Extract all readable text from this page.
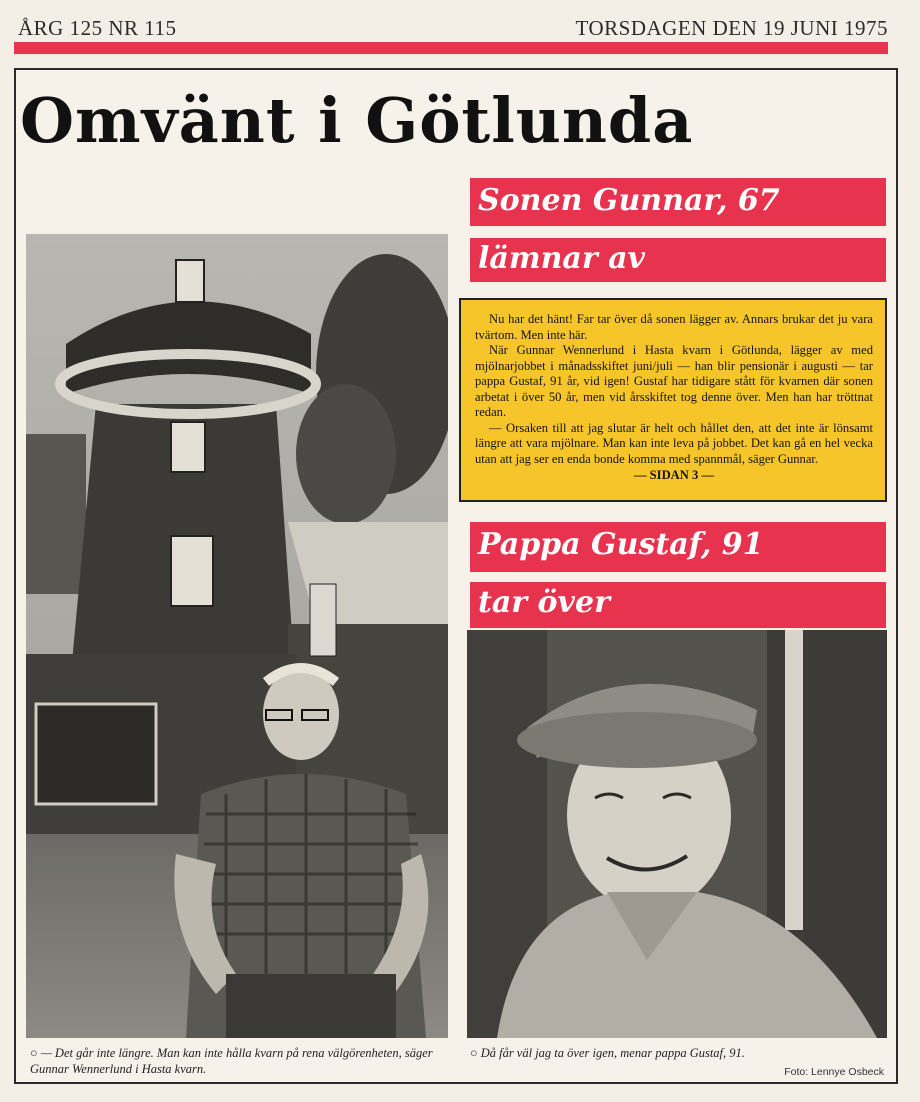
ÅRG 125 NR 115	TORSDAGEN DEN 19 JUNI 1975
Omvänt i Götlunda
Sonen Gunnar, 67
lämnar av

Nu har det hänt! Far tar över då sonen lägger av. Annars brukar det ju vara tvärtom. Men inte här.

När Gunnar Wennerlund i Hasta kvarn i Götlunda, lägger av med mjölnarjobbet i månadsskiftet juni/juli — han blir pensionär i augusti — tar pappa Gustaf, 91 år, vid igen! Gustaf har tidigare stått för kvarnen där sonen arbetat i över 50 år, men vid årsskiftet tog denne över. Men han har tröttnat redan.

— Orsaken till att jag slutar är helt och hållet den, att det inte är lönsamt längre att vara mjölnare. Man kan inte leva på jobbet. Det kan gå en hel vecka utan att jag ser en enda bonde komma med spannmål, säger Gunnar.

— SIDAN 3 —

Pappa Gustaf, 91
tar över
○ — Det går inte längre. Man kan inte hålla kvarn på rena välgörenheten, säger Gunnar Wennerlund i Hasta kvarn.
○ Då får väl jag ta över igen, menar pappa Gustaf, 91.
Foto: Lennye Osbeck
